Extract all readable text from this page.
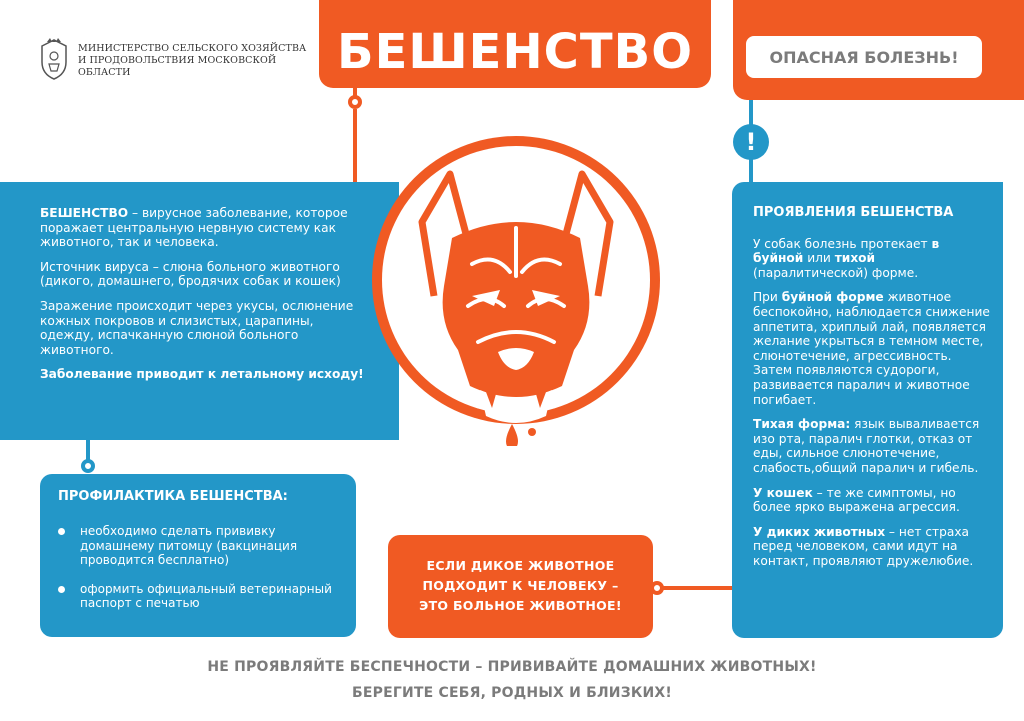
МИНИСТЕРСТВО СЕЛЬСКОГО ХОЗЯЙСТВА
И ПРОДОВОЛЬСТВИЯ МОСКОВСКОЙ ОБЛАСТИ	БЕШЕНСТВО	ОПАСНАЯ БОЛЕЗНЬ!
!

БЕШЕНСТВО – вирусное заболевание, которое поражает центральную нервную систему как животного, так и человека.

Источник вируса – слюна больного животного (дикого, домашнего, бродячих собак и кошек)

Заражение происходит через укусы, ослюнение кожных покровов и слизистых, царапины, одежду, испачканную слюной больного животного.

Заболевание приводит к летальному исходу!

ПРОФИЛАКТИКА БЕШЕНСТВА:
необходимо сделать прививку домашнему питомцу (вакцинация проводится бесплатно)
оформить официальный ветеринарный паспорт с печатью
ЕСЛИ ДИКОЕ ЖИВОТНОЕ
ПОДХОДИТ К ЧЕЛОВЕКУ –
ЭТО БОЛЬНОЕ ЖИВОТНОЕ!

ПРОЯВЛЕНИЯ БЕШЕНСТВА

У собак болезнь протекает в буйной или тихой (паралитической) форме.

При буйной форме животное беспокойно, наблюдается снижение аппетита, хриплый лай, появляется желание укрыться в темном месте, слюнотечение, агрессивность. Затем появляются судороги, развивается паралич и животное погибает.

Тихая форма: язык вываливается изо рта, паралич глотки, отказ от еды, сильное слюнотечение, слабость,общий паралич и гибель.

У кошек – те же симптомы, но более ярко выражена агрессия.

У диких животных – нет страха перед человеком, сами идут на контакт, проявляют дружелюбие.

НЕ ПРОЯВЛЯЙТЕ БЕСПЕЧНОСТИ – ПРИВИВАЙТЕ ДОМАШНИХ ЖИВОТНЫХ!
БЕРЕГИТЕ СЕБЯ, РОДНЫХ И БЛИЗКИХ!
